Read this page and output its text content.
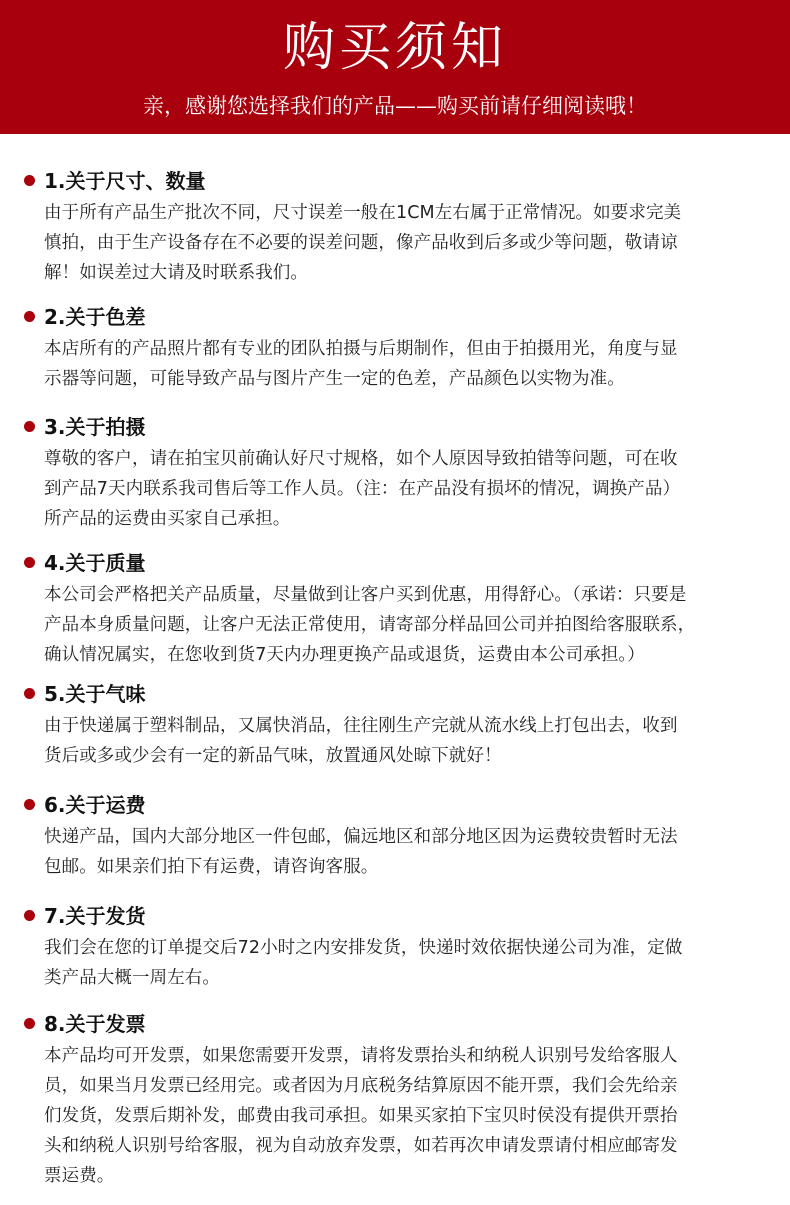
购买须知
亲，感谢您选择我们的产品——购买前请仔细阅读哦！
1.关于尺寸、数量
由于所有产品生产批次不同，尺寸误差一般在1CM左右属于正常情况。如要求完美
慎拍，由于生产设备存在不必要的误差问题，像产品收到后多或少等问题，敬请谅
解！如误差过大请及时联系我们。
2.关于色差
本店所有的产品照片都有专业的团队拍摄与后期制作，但由于拍摄用光，角度与显
示器等问题，可能导致产品与图片产生一定的色差，产品颜色以实物为准。
3.关于拍摄
尊敬的客户，请在拍宝贝前确认好尺寸规格，如个人原因导致拍错等问题，可在收
到产品7天内联系我司售后等工作人员。（注：在产品没有损坏的情况，调换产品）
所产品的运费由买家自己承担。
4.关于质量
本公司会严格把关产品质量，尽量做到让客户买到优惠，用得舒心。（承诺：只要是
产品本身质量问题，让客户无法正常使用，请寄部分样品回公司并拍图给客服联系，
确认情况属实，在您收到货7天内办理更换产品或退货，运费由本公司承担。）
5.关于气味
由于快递属于塑料制品，又属快消品，往往刚生产完就从流水线上打包出去，收到
货后或多或少会有一定的新品气味，放置通风处晾下就好！
6.关于运费
快递产品，国内大部分地区一件包邮，偏远地区和部分地区因为运费较贵暂时无法
包邮。如果亲们拍下有运费，请咨询客服。
7.关于发货
我们会在您的订单提交后72小时之内安排发货，快递时效依据快递公司为准，定做
类产品大概一周左右。
8.关于发票
本产品均可开发票，如果您需要开发票，请将发票抬头和纳税人识别号发给客服人
员，如果当月发票已经用完。或者因为月底税务结算原因不能开票，我们会先给亲
们发货，发票后期补发，邮费由我司承担。如果买家拍下宝贝时侯没有提供开票抬
头和纳税人识别号给客服，视为自动放弃发票，如若再次申请发票请付相应邮寄发
票运费。
